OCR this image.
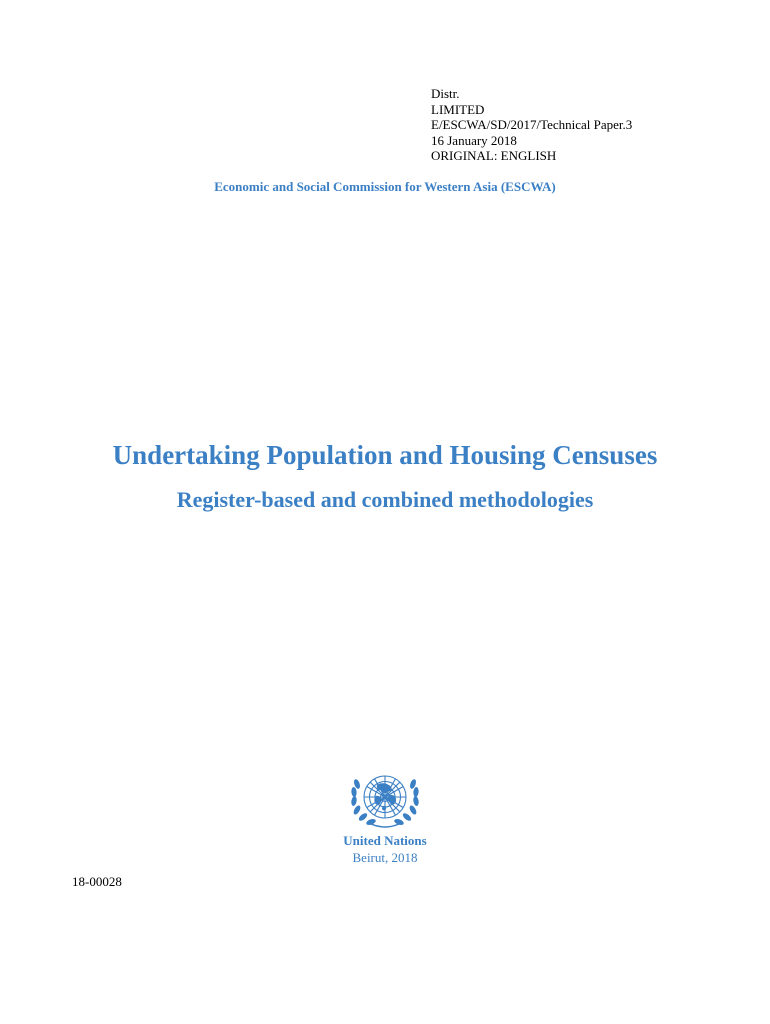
Distr.
LIMITED
E/ESCWA/SD/2017/Technical Paper.3
16 January 2018
ORIGINAL: ENGLISH
Economic and Social Commission for Western Asia (ESCWA)
Undertaking Population and Housing Censuses
Register-based and combined methodologies
United Nations
Beirut, 2018
18-00028
